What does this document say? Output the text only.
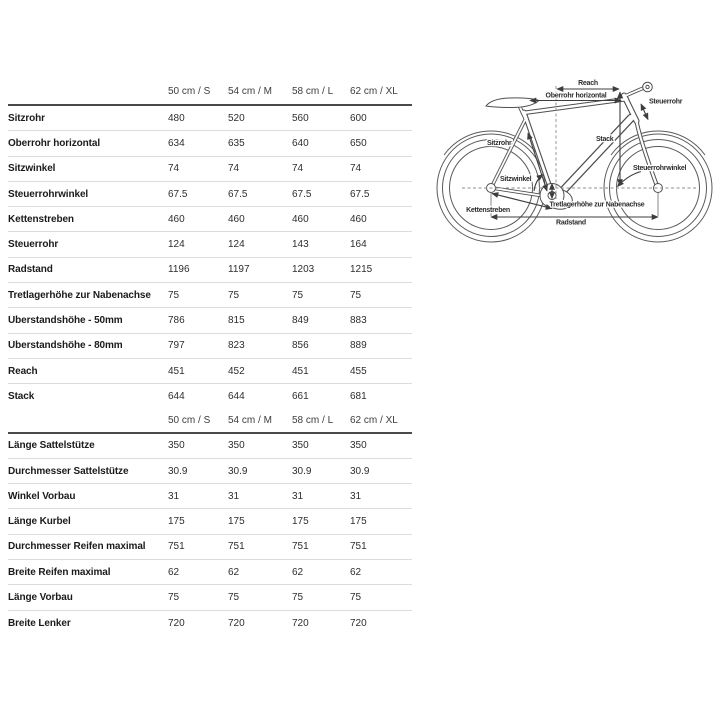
50 cm / S	54 cm / M	58 cm / L	62 cm / XL
Sitzrohr	480	520	560	600
Oberrohr horizontal	634	635	640	650
Sitzwinkel	74	74	74	74
Steuerrohrwinkel	67.5	67.5	67.5	67.5
Kettenstreben	460	460	460	460
Steuerrohr	124	124	143	164
Radstand	1196	1197	1203	1215
Tretlagerhöhe zur Nabenachse	75	75	75	75
Überstandshöhe - 50mm	786	815	849	883
Überstandshöhe - 80mm	797	823	856	889
Reach	451	452	451	455
Stack	644	644	661	681
50 cm / S	54 cm / M	58 cm / L	62 cm / XL
Länge Sattelstütze	350	350	350	350
Durchmesser Sattelstütze	30.9	30.9	30.9	30.9
Winkel Vorbau	31	31	31	31
Länge Kurbel	175	175	175	175
Durchmesser Reifen maximal	751	751	751	751
Breite Reifen maximal	62	62	62	62
Länge Vorbau	75	75	75	75
Breite Lenker	720	720	720	720
Reach
Oberrohr horizontal
Steuerrohr
Stack
Sitzrohr
Sitzwinkel
Steuerrohrwinkel
Kettenstreben
Tretlagerhöhe zur Nabenachse
Radstand
